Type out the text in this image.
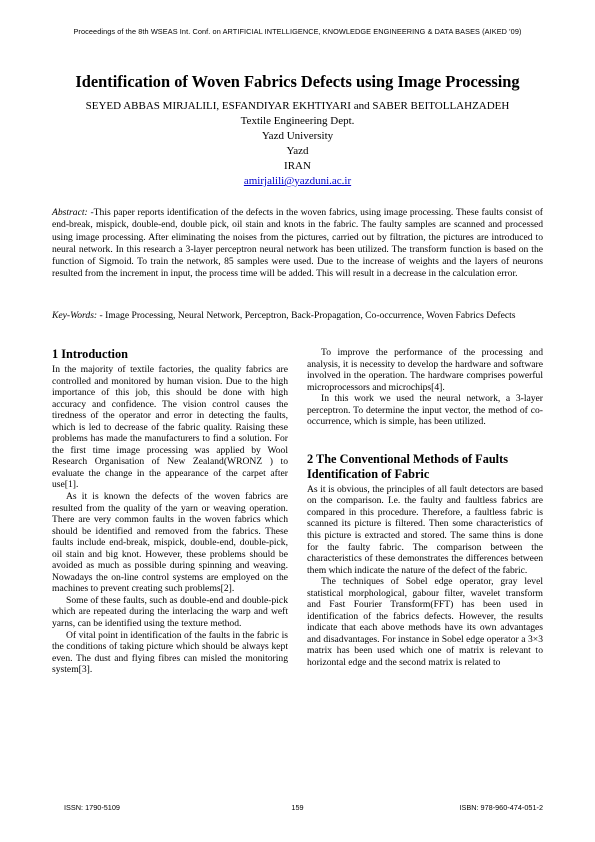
Proceedings of the 8th WSEAS Int. Conf. on ARTIFICIAL INTELLIGENCE, KNOWLEDGE ENGINEERING & DATA BASES (AIKED '09)
Identification of Woven Fabrics Defects using Image Processing
SEYED ABBAS MIRJALILI, ESFANDIYAR EKHTIYARI and SABER BEITOLLAHZADEH
Textile Engineering Dept.
Yazd University
Yazd
IRAN
amirjalili@yazduni.ac.ir
Abstract: -This paper reports identification of the defects in the woven fabrics, using image processing. These faults consist of end-break, mispick, double-end, double pick, oil stain and knots in the fabric. The faulty samples are scanned and processed using image processing. After eliminating the noises from the pictures, carried out by filtration, the pictures are introduced to neural network. In this research a 3-layer perceptron neural network has been utilized. The transform function is based on the function of Sigmoid. To train the network, 85 samples were used. Due to the increase of weights and the layers of neurons resulted from the increment in input, the process time will be added. This will result in a decrease in the calculation error.
Key-Words: - Image Processing, Neural Network, Perceptron, Back-Propagation, Co-occurrence, Woven Fabrics Defects
1 Introduction

In the majority of textile factories, the quality fabrics are controlled and monitored by human vision. Due to the high importance of this job, this should be done with high accuracy and confidence. The vision control causes the tiredness of the operator and error in detecting the faults, which is led to decrease of the fabric quality. Raising these problems has made the manufacturers to find a solution. For the first time image processing was applied by Wool Research Organisation of New Zealand(WRONZ ) to evaluate the change in the appearance of the carpet after use[1].

As it is known the defects of the woven fabrics are resulted from the quality of the yarn or weaving operation. There are very common faults in the woven fabrics which should be identified and removed from the fabrics. These faults include end-break, mispick, double-end, double-pick, oil stain and big knot. However, these problems should be avoided as much as possible during spinning and weaving. Nowadays the on-line control systems are employed on the machines to prevent creating such problems[2].

Some of these faults, such as double-end and double-pick which are repeated during the interlacing the warp and weft yarns, can be identified using the texture method.

Of vital point in identification of the faults in the fabric is the conditions of taking picture which should be always kept even. The dust and flying fibres can misled the monitoring system[3].

To improve the performance of the processing and analysis, it is necessity to develop the hardware and software involved in the operation. The hardware comprises powerful microprocessors and microchips[4].

In this work we used the neural network, a 3-layer perceptron. To determine the input vector, the method of co-occurrence, which is simple, has been utilized.

2 The Conventional Methods of Faults Identification of Fabric

As it is obvious, the principles of all fault detectors are based on the comparison. I.e. the faulty and faultless fabrics are compared in this procedure. Therefore, a faultless fabric is scanned its picture is filtered. Then some characteristics of this picture is extracted and stored. The same thins is done for the faulty fabric. The comparison between the characteristics of these demonstrates the differences between them which indicate the nature of the defect of the fabric.

The techniques of Sobel edge operator, gray level statistical morphological, gabour filter, wavelet transform and Fast Fourier Transform(FFT) has been used in identification of the fabrics defects. However, the results indicate that each above methods have its own advantages and disadvantages. For instance in Sobel edge operator a 3×3 matrix has been used which one of matrix is relevant to horizontal edge and the second matrix is related to

ISSN: 1790-5109	159	ISBN: 978-960-474-051-2
